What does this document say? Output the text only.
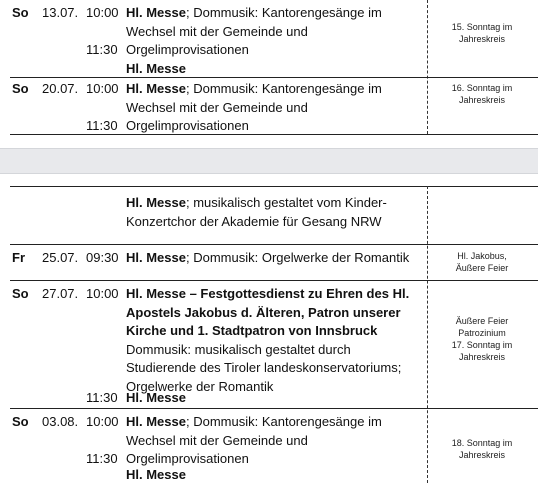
So 13.07. 10:00 Hl. Messe; Dommusik: Kantorengesänge im
Wechsel mit der Gemeinde und
11:30 Orgelimprovisationen
Hl. Messe
15. Sonntag im
Jahreskreis
So 20.07. 10:00 Hl. Messe; Dommusik: Kantorengesänge im
Wechsel mit der Gemeinde und
11:30 Orgelimprovisationen
16. Sonntag im
Jahreskreis
Hl. Messe; musikalisch gestaltet vom Kinder-
Konzertchor der Akademie für Gesang NRW
Fr 25.07. 09:30 Hl. Messe; Dommusik: Orgelwerke der Romantik	Hl. Jakobus,
Äußere Feier
So 27.07. 10:00 Hl. Messe – Festgottesdienst zu Ehren des Hl.
Apostels Jakobus d. Älteren, Patron unserer
Kirche und 1. Stadtpatron von Innsbruck
Dommusik: musikalisch gestaltet durch
Studierende des Tiroler landeskonservatoriums;
Orgelwerke der Romantik
11:30 Hl. Messe
Äußere Feier
Patrozinium
17. Sonntag im
Jahreskreis
So 03.08. 10:00 Hl. Messe; Dommusik: Kantorengesänge im
Wechsel mit der Gemeinde und
11:30 Orgelimprovisationen
Hl. Messe
18. Sonntag im
Jahreskreis
